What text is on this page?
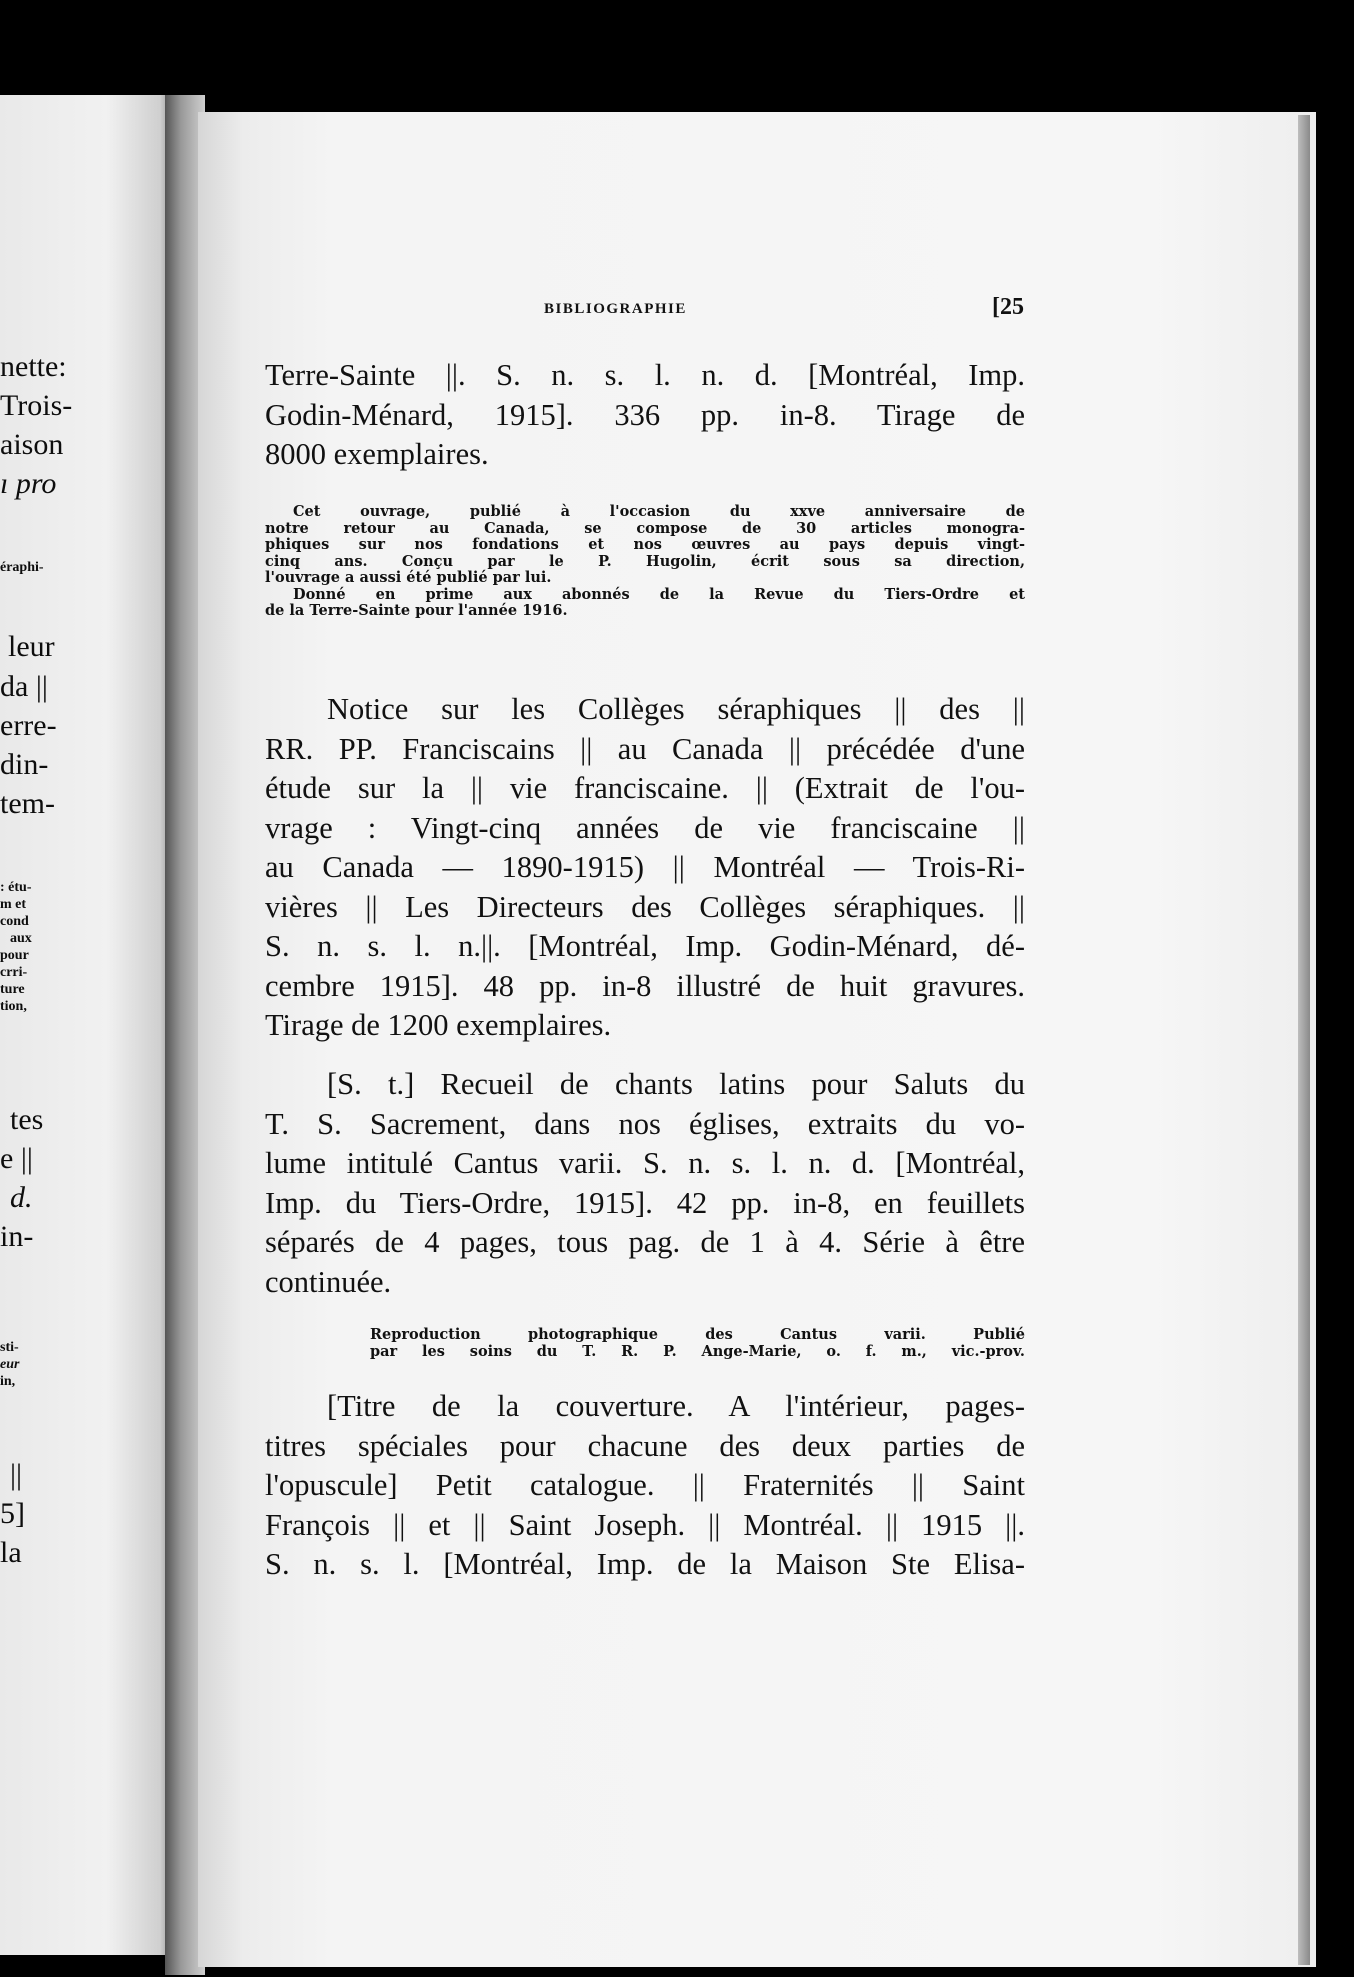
nette:
Trois-
aison
ı pro
éraphi-
leur
da ||
erre-
din-
tem-
: étu-
m et
cond
aux
pour
crri-
ture
tion,
tes
e ||
d.
in-
sti-
eur
in,
||
5]
la
BIBLIOGRAPHIE	[25
Terre-Sainte ||. S. n. s. l. n. d. [Montréal, Imp.
Godin-Ménard, 1915]. 336 pp. in-8. Tirage de
8000 exemplaires.
Cet ouvrage, publié à l'occasion du xxve anniversaire de
notre retour au Canada, se compose de 30 articles monogra-
phiques sur nos fondations et nos œuvres au pays depuis vingt-
cinq ans. Conçu par le P. Hugolin, écrit sous sa direction,
l'ouvrage a aussi été publié par lui.
Donné en prime aux abonnés de la Revue du Tiers-Ordre et
de la Terre-Sainte pour l'année 1916.
Notice sur les Collèges séraphiques || des ||
RR. PP. Franciscains || au Canada || précédée d'une
étude sur la || vie franciscaine. || (Extrait de l'ou-
vrage : Vingt-cinq années de vie franciscaine ||
au Canada — 1890-1915) || Montréal — Trois-Ri-
vières || Les Directeurs des Collèges séraphiques. ||
S. n. s. l. n.||. [Montréal, Imp. Godin-Ménard, dé-
cembre 1915]. 48 pp. in-8 illustré de huit gravures.
Tirage de 1200 exemplaires.
[S. t.] Recueil de chants latins pour Saluts du
T. S. Sacrement, dans nos églises, extraits du vo-
lume intitulé Cantus varii. S. n. s. l. n. d. [Montréal,
Imp. du Tiers-Ordre, 1915]. 42 pp. in-8, en feuillets
séparés de 4 pages, tous pag. de 1 à 4. Série à être
continuée.
Reproduction photographique des Cantus varii. Publié
par les soins du T. R. P. Ange-Marie, o. f. m., vic.-prov.
[Titre de la couverture. A l'intérieur, pages-
titres spéciales pour chacune des deux parties de
l'opuscule] Petit catalogue. || Fraternités || Saint
François || et || Saint Joseph. || Montréal. || 1915 ||.
S. n. s. l. [Montréal, Imp. de la Maison Ste Elisa-
